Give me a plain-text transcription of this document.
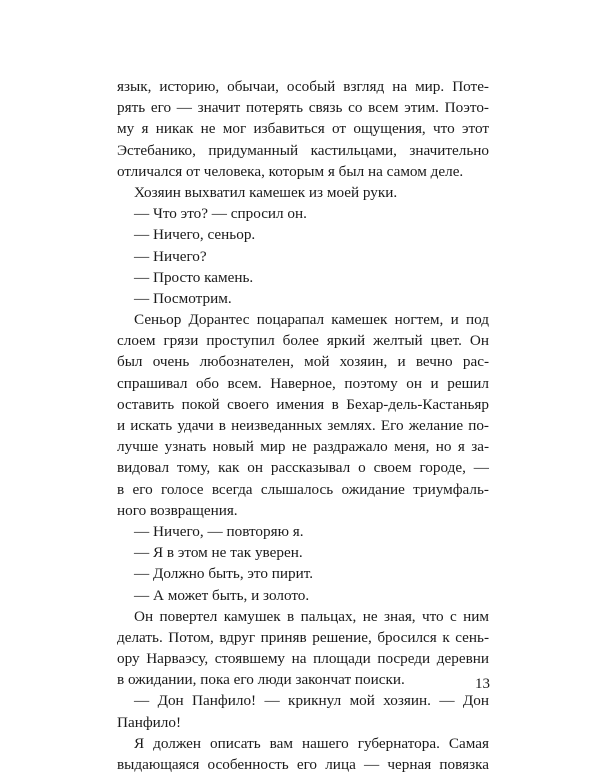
язык, историю, обычаи, особый взгляд на мир. Поте-
рять его — значит потерять связь со всем этим. Поэто-
му я никак не мог избавиться от ощущения, что этот
Эстебанико, придуманный кастильцами, значительно
отличался от человека, которым я был на самом деле.
Хозяин выхватил камешек из моей руки.
— Что это? — спросил он.
— Ничего, сеньор.
— Ничего?
— Просто камень.
— Посмотрим.
Сеньор Дорантес поцарапал камешек ногтем, и под
слоем грязи проступил более яркий желтый цвет. Он
был очень любознателен, мой хозяин, и вечно рас-
спрашивал обо всем. Наверное, поэтому он и решил
оставить покой своего имения в Бехар-дель-Кастаньяр
и искать удачи в неизведанных землях. Его желание по-
лучше узнать новый мир не раздражало меня, но я за-
видовал тому, как он рассказывал о своем городе, —
в его голосе всегда слышалось ожидание триумфаль-
ного возвращения.
— Ничего, — повторяю я.
— Я в этом не так уверен.
— Должно быть, это пирит.
— А может быть, и золото.
Он повертел камушек в пальцах, не зная, что с ним
делать. Потом, вдруг приняв решение, бросился к сень-
ору Нарваэсу, стоявшему на площади посреди деревни
в ожидании, пока его люди закончат поиски.
— Дон Панфило! — крикнул мой хозяин. — Дон
Панфило!
Я должен описать вам нашего губернатора. Самая
выдающаяся особенность его лица — черная повязка
13
